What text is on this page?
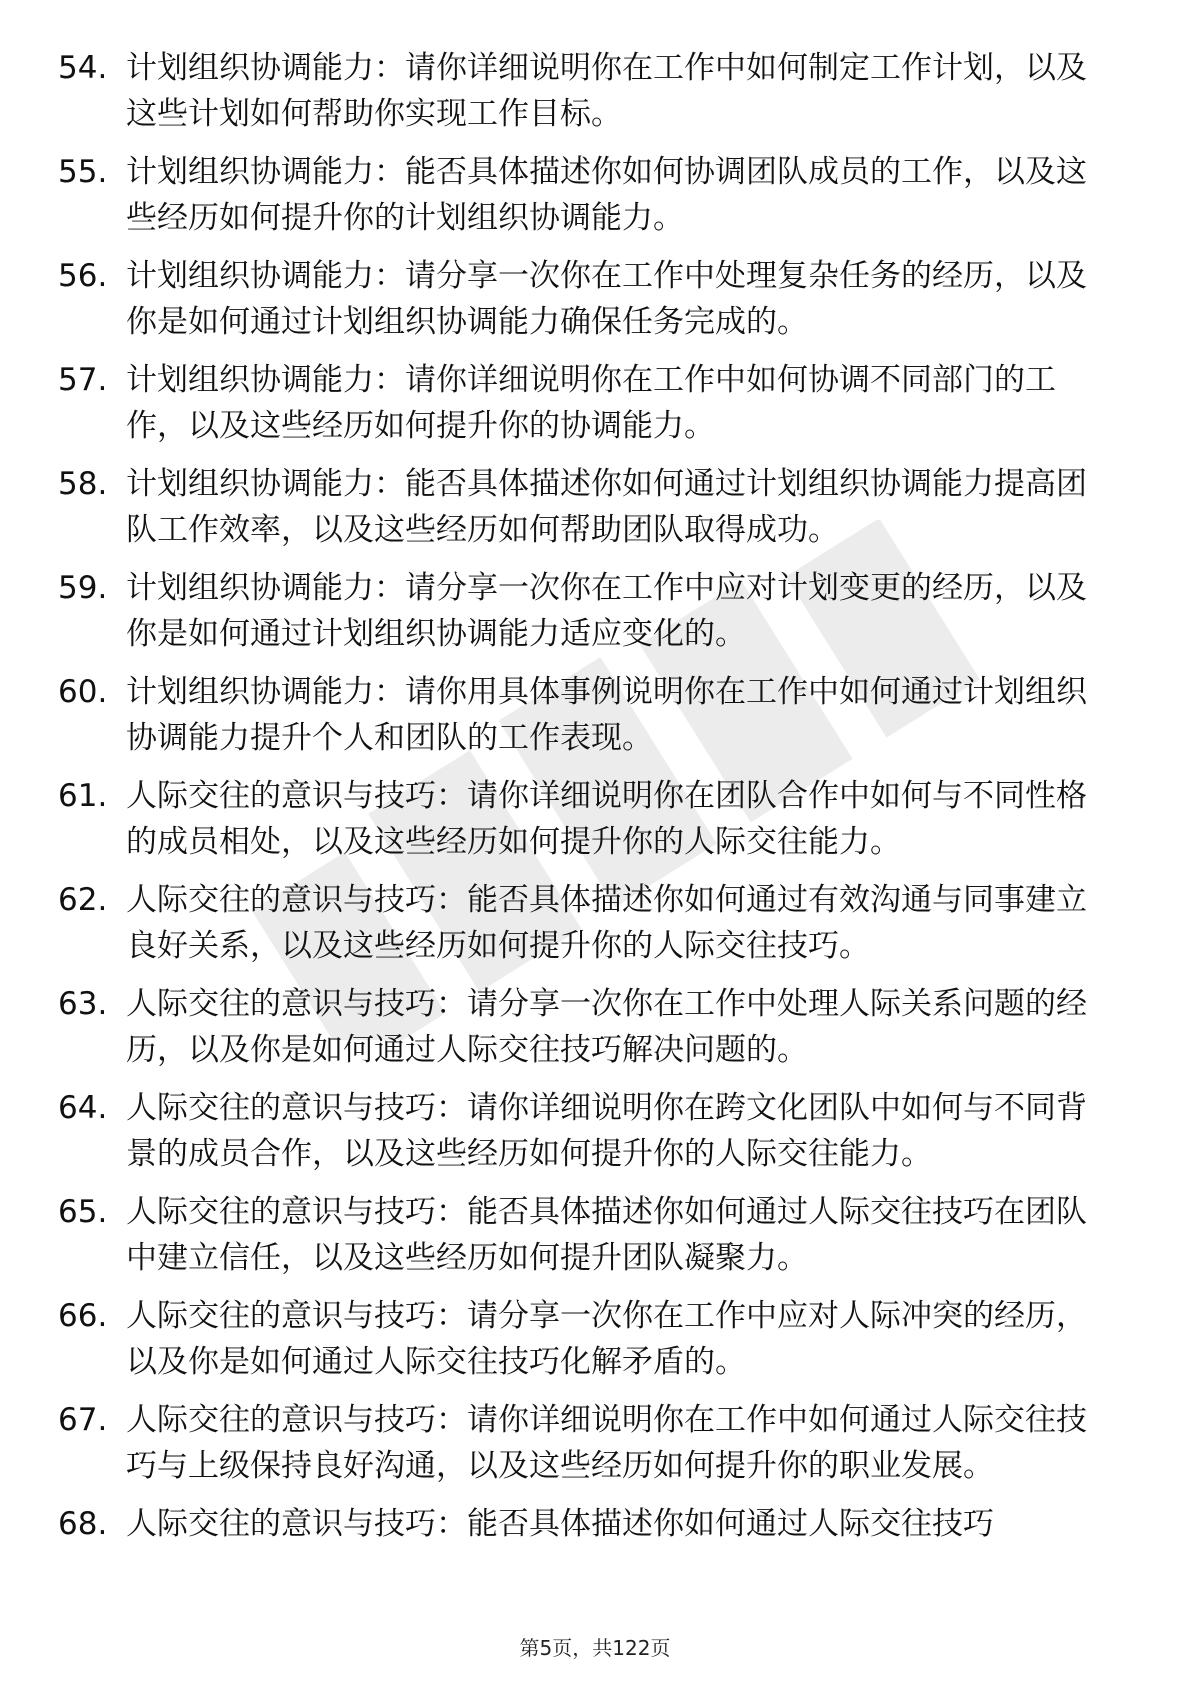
54. 计划组织协调能力：请你详细说明你在工作中如何制定工作计划，以及这些计划如何帮助你实现工作目标。
55. 计划组织协调能力：能否具体描述你如何协调团队成员的工作，以及这些经历如何提升你的计划组织协调能力。
56. 计划组织协调能力：请分享一次你在工作中处理复杂任务的经历，以及你是如何通过计划组织协调能力确保任务完成的。
57. 计划组织协调能力：请你详细说明你在工作中如何协调不同部门的工作，以及这些经历如何提升你的协调能力。
58. 计划组织协调能力：能否具体描述你如何通过计划组织协调能力提高团队工作效率，以及这些经历如何帮助团队取得成功。
59. 计划组织协调能力：请分享一次你在工作中应对计划变更的经历，以及你是如何通过计划组织协调能力适应变化的。
60. 计划组织协调能力：请你用具体事例说明你在工作中如何通过计划组织协调能力提升个人和团队的工作表现。
61. 人际交往的意识与技巧：请你详细说明你在团队合作中如何与不同性格的成员相处，以及这些经历如何提升你的人际交往能力。
62. 人际交往的意识与技巧：能否具体描述你如何通过有效沟通与同事建立良好关系，以及这些经历如何提升你的人际交往技巧。
63. 人际交往的意识与技巧：请分享一次你在工作中处理人际关系问题的经历，以及你是如何通过人际交往技巧解决问题的。
64. 人际交往的意识与技巧：请你详细说明你在跨文化团队中如何与不同背景的成员合作，以及这些经历如何提升你的人际交往能力。
65. 人际交往的意识与技巧：能否具体描述你如何通过人际交往技巧在团队中建立信任，以及这些经历如何提升团队凝聚力。
66. 人际交往的意识与技巧：请分享一次你在工作中应对人际冲突的经历，以及你是如何通过人际交往技巧化解矛盾的。
67. 人际交往的意识与技巧：请你详细说明你在工作中如何通过人际交往技巧与上级保持良好沟通，以及这些经历如何提升你的职业发展。
68. 人际交往的意识与技巧：能否具体描述你如何通过人际交往技巧
第5页，共122页
